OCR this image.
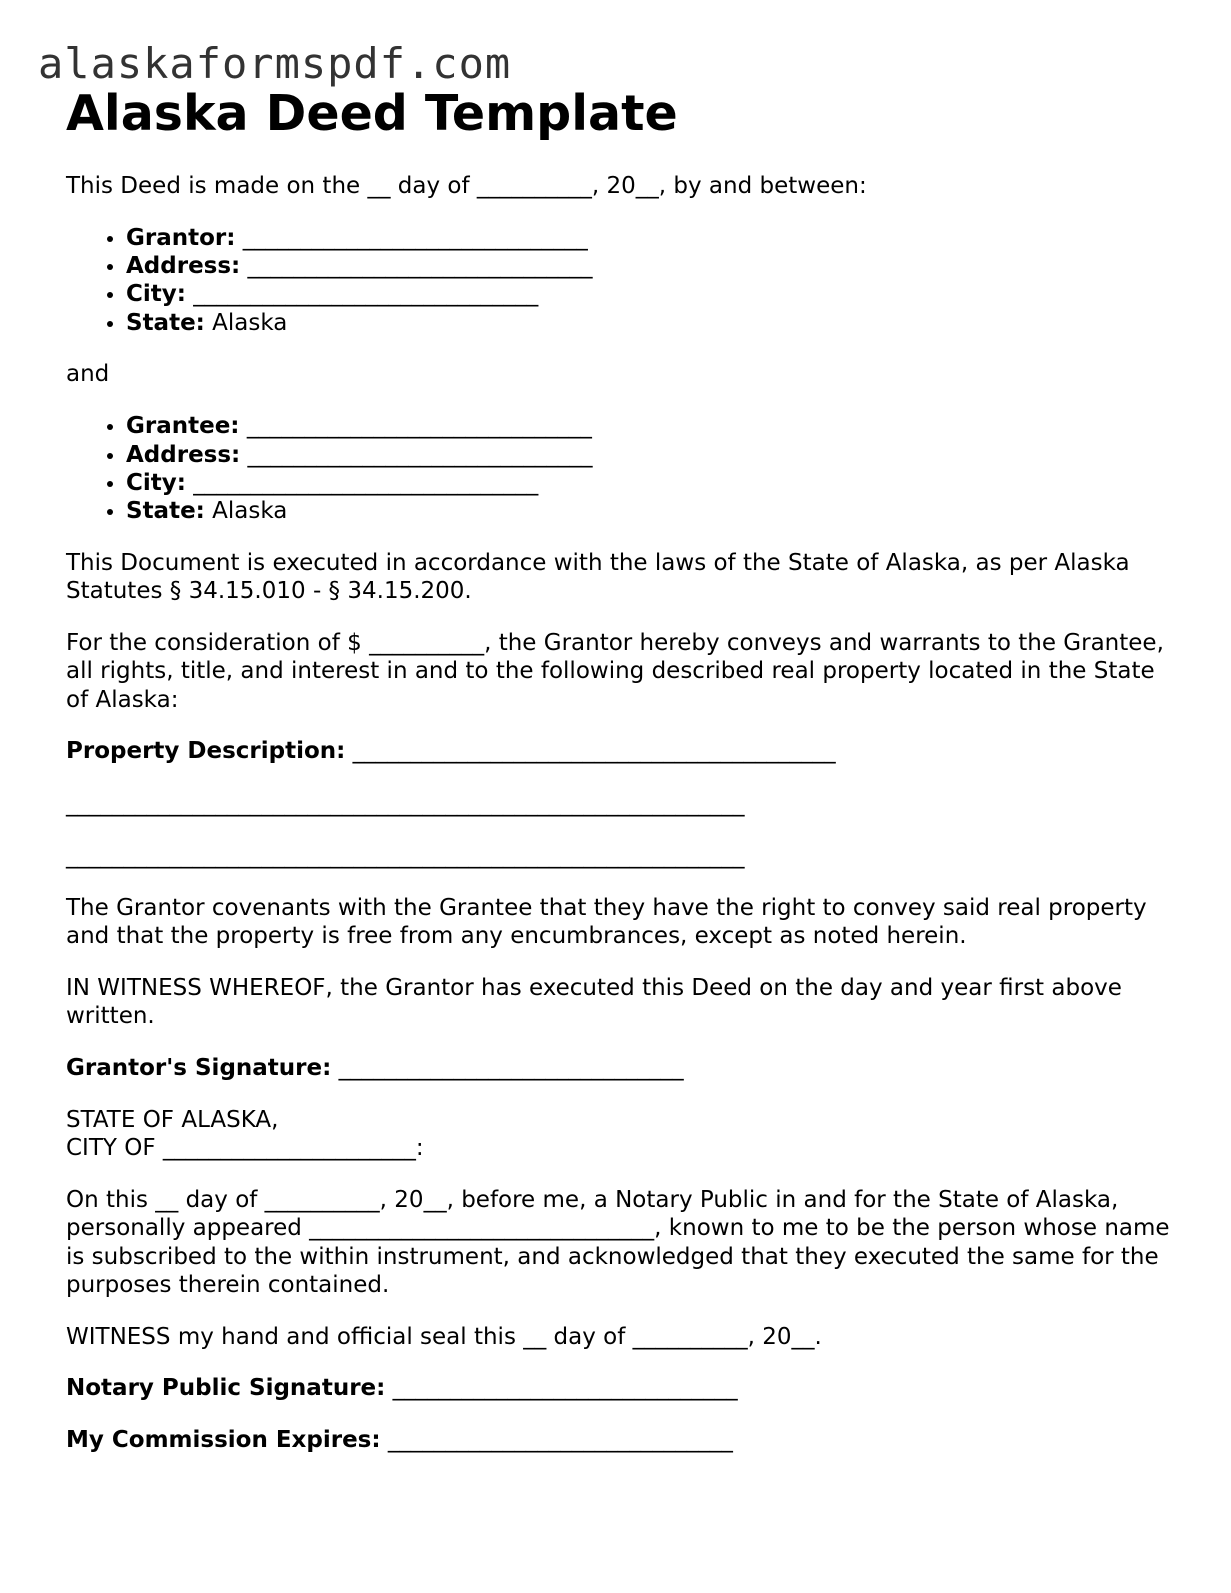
alaskaformspdf.com
Alaska Deed Template

This Deed is made on the __ day of __________, 20__, by and between:

• Grantor: ______________________________
• Address: ______________________________
• City: ______________________________
• State: Alaska

and

• Grantee: ______________________________
• Address: ______________________________
• City: ______________________________
• State: Alaska

This Document is executed in accordance with the laws of the State of Alaska, as per Alaska Statutes § 34.15.010 - § 34.15.200.

For the consideration of $ __________, the Grantor hereby conveys and warrants to the Grantee, all rights, title, and interest in and to the following described real property located in the State of Alaska:

Property Description: __________________________________________

___________________________________________________________

___________________________________________________________

The Grantor covenants with the Grantee that they have the right to convey said real property and that the property is free from any encumbrances, except as noted herein.

IN WITNESS WHEREOF, the Grantor has executed this Deed on the day and year first above written.

Grantor's Signature: ______________________________

STATE OF ALASKA,
CITY OF ______________________:

On this __ day of __________, 20__, before me, a Notary Public in and for the State of Alaska, personally appeared ______________________________, known to me to be the person whose name is subscribed to the within instrument, and acknowledged that they executed the same for the purposes therein contained.

WITNESS my hand and official seal this __ day of __________, 20__.

Notary Public Signature: ______________________________

My Commission Expires: ______________________________
